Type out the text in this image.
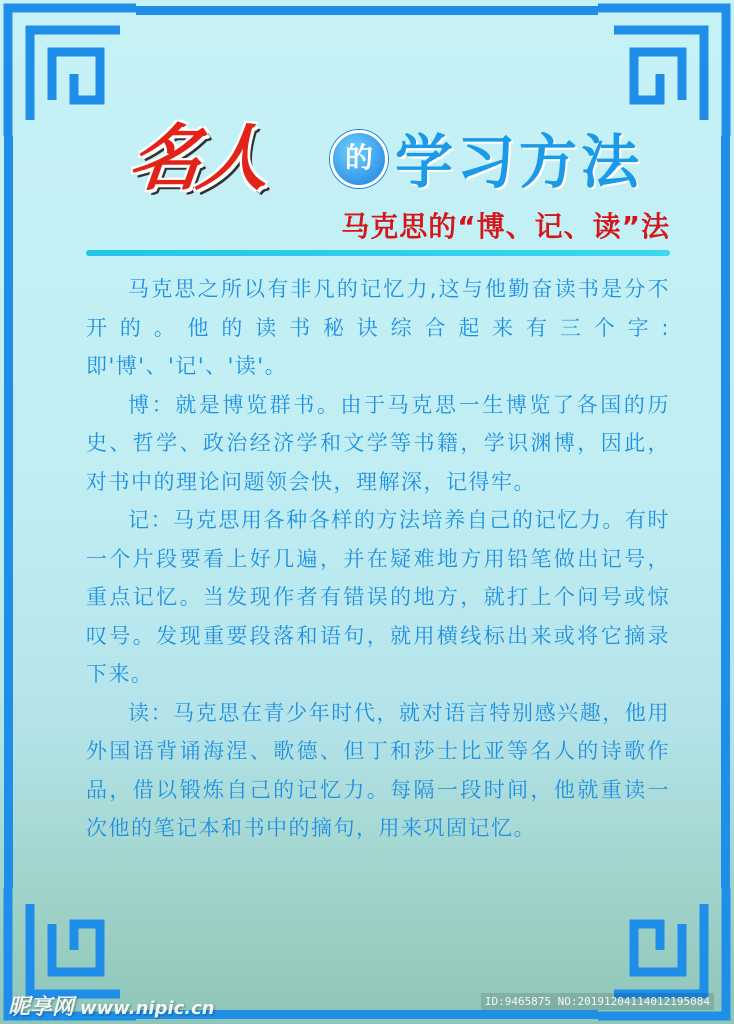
名人	的 学习方法
马克思的“博、记、读”法

马克思之所以有非凡的记忆力,这与他勤奋读书是分不开的。他的读书秘诀综合起来有三个字:即'博'、'记'、'读'。

博：就是博览群书。由于马克思一生博览了各国的历史、哲学、政治经济学和文学等书籍，学识渊博，因此，对书中的理论问题领会快，理解深，记得牢。

记：马克思用各种各样的方法培养自己的记忆力。有时一个片段要看上好几遍，并在疑难地方用铅笔做出记号，重点记忆。当发现作者有错误的地方，就打上个问号或惊叹号。发现重要段落和语句，就用横线标出来或将它摘录下来。

读：马克思在青少年时代，就对语言特别感兴趣，他用外国语背诵海涅、歌德、但丁和莎士比亚等名人的诗歌作品，借以锻炼自己的记忆力。每隔一段时间，他就重读一次他的笔记本和书中的摘句，用来巩固记忆。

昵享网 www.nipic.cn	ID:9465875 NO:20191204114012195084
